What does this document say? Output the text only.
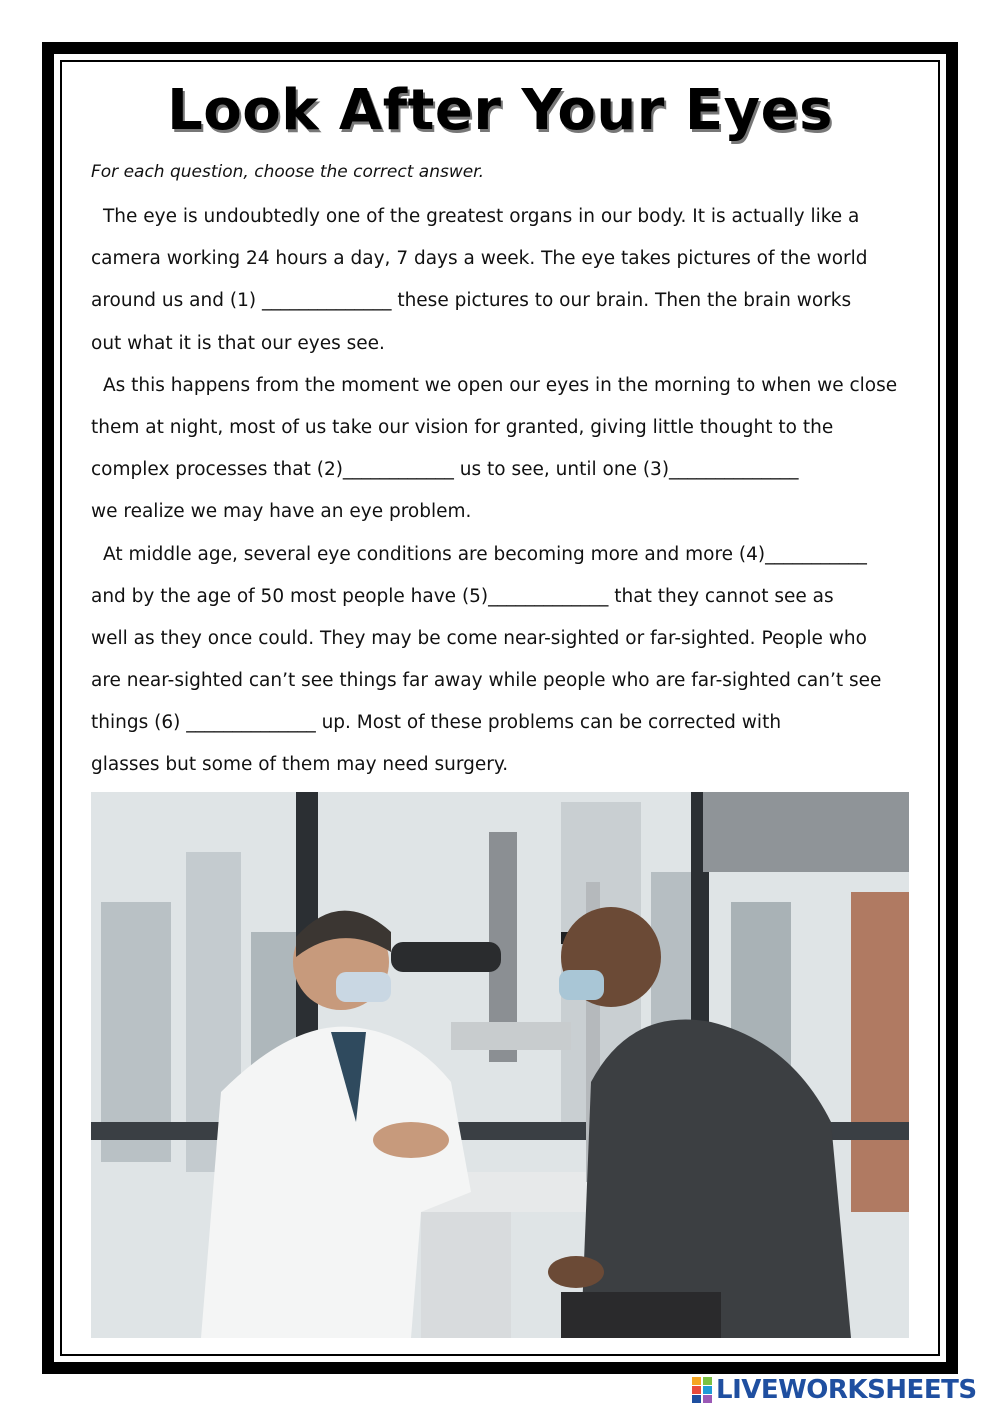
Look After Your Eyes
For each question, choose the correct answer.
The eye is undoubtedly one of the greatest organs in our body. It is actually like a
camera working 24 hours a day, 7 days a week. The eye takes pictures of the world
around us and (1) ______________ these pictures to our brain. Then the brain works
out what it is that our eyes see.
As this happens from the moment we open our eyes in the morning to when we close
them at night, most of us take our vision for granted, giving little thought to the
complex processes that (2)____________ us to see, until one (3)______________
we realize we may have an eye problem.
At middle age, several eye conditions are becoming more and more (4)___________
and by the age of 50 most people have (5)_____________ that they cannot see as
well as they once could. They may be come near-sighted or far-sighted. People who
are near-sighted can’t see things far away while people who are far-sighted can’t see
things (6) ______________ up. Most of these problems can be corrected with
glasses but some of them may need surgery.
LIVEWORKSHEETS
